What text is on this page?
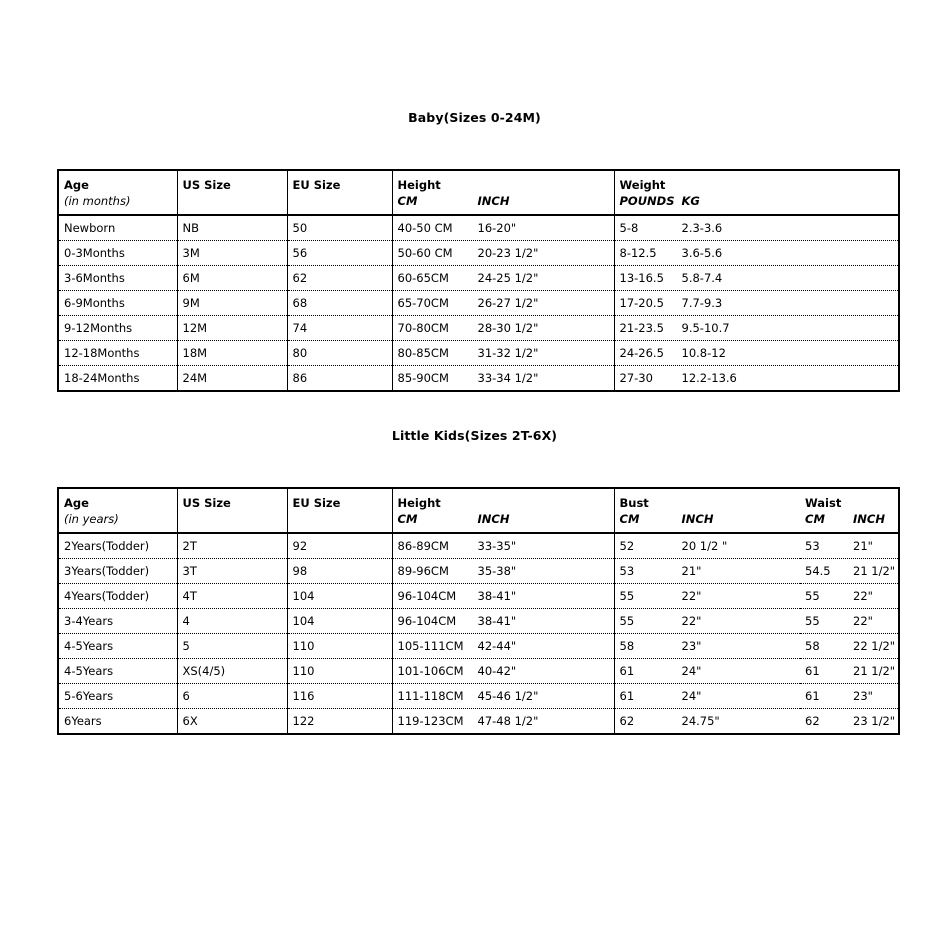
Baby(Sizes 0-24M)
Age	US Size	EU Size	Height	Weight
(in months)			CM INCH	POUNDS KG
Newborn	NB	50	40-50 CM 16-20"	5-8 2.3-3.6
0-3Months	3M	56	50-60 CM 20-23 1/2"	8-12.5 3.6-5.6
3-6Months	6M	62	60-65CM 24-25 1/2"	13-16.5 5.8-7.4
6-9Months	9M	68	65-70CM 26-27 1/2"	17-20.5 7.7-9.3
9-12Months	12M	74	70-80CM 28-30 1/2"	21-23.5 9.5-10.7
12-18Months	18M	80	80-85CM 31-32 1/2"	24-26.5 10.8-12
18-24Months	24M	86	85-90CM 33-34 1/2"	27-30 12.2-13.6
Little Kids(Sizes 2T-6X)
Age	US Size	EU Size	Height	Bust	Waist
(in years)			CM INCH	CM INCH	CM INCH
2Years(Todder)	2T	92	86-89CM 33-35"	52 20 1/2 "	53 21"
3Years(Todder)	3T	98	89-96CM 35-38"	53 21"	54.5 21 1/2"
4Years(Todder)	4T	104	96-104CM 38-41"	55 22"	55 22"
3-4Years	4	104	96-104CM 38-41"	55 22"	55 22"
4-5Years	5	110	105-111CM 42-44"	58 23"	58 22 1/2"
4-5Years	XS(4/5)	110	101-106CM 40-42"	61 24"	61 21 1/2"
5-6Years	6	116	111-118CM 45-46 1/2"	61 24"	61 23"
6Years	6X	122	119-123CM 47-48 1/2"	62 24.75"	62 23 1/2"
